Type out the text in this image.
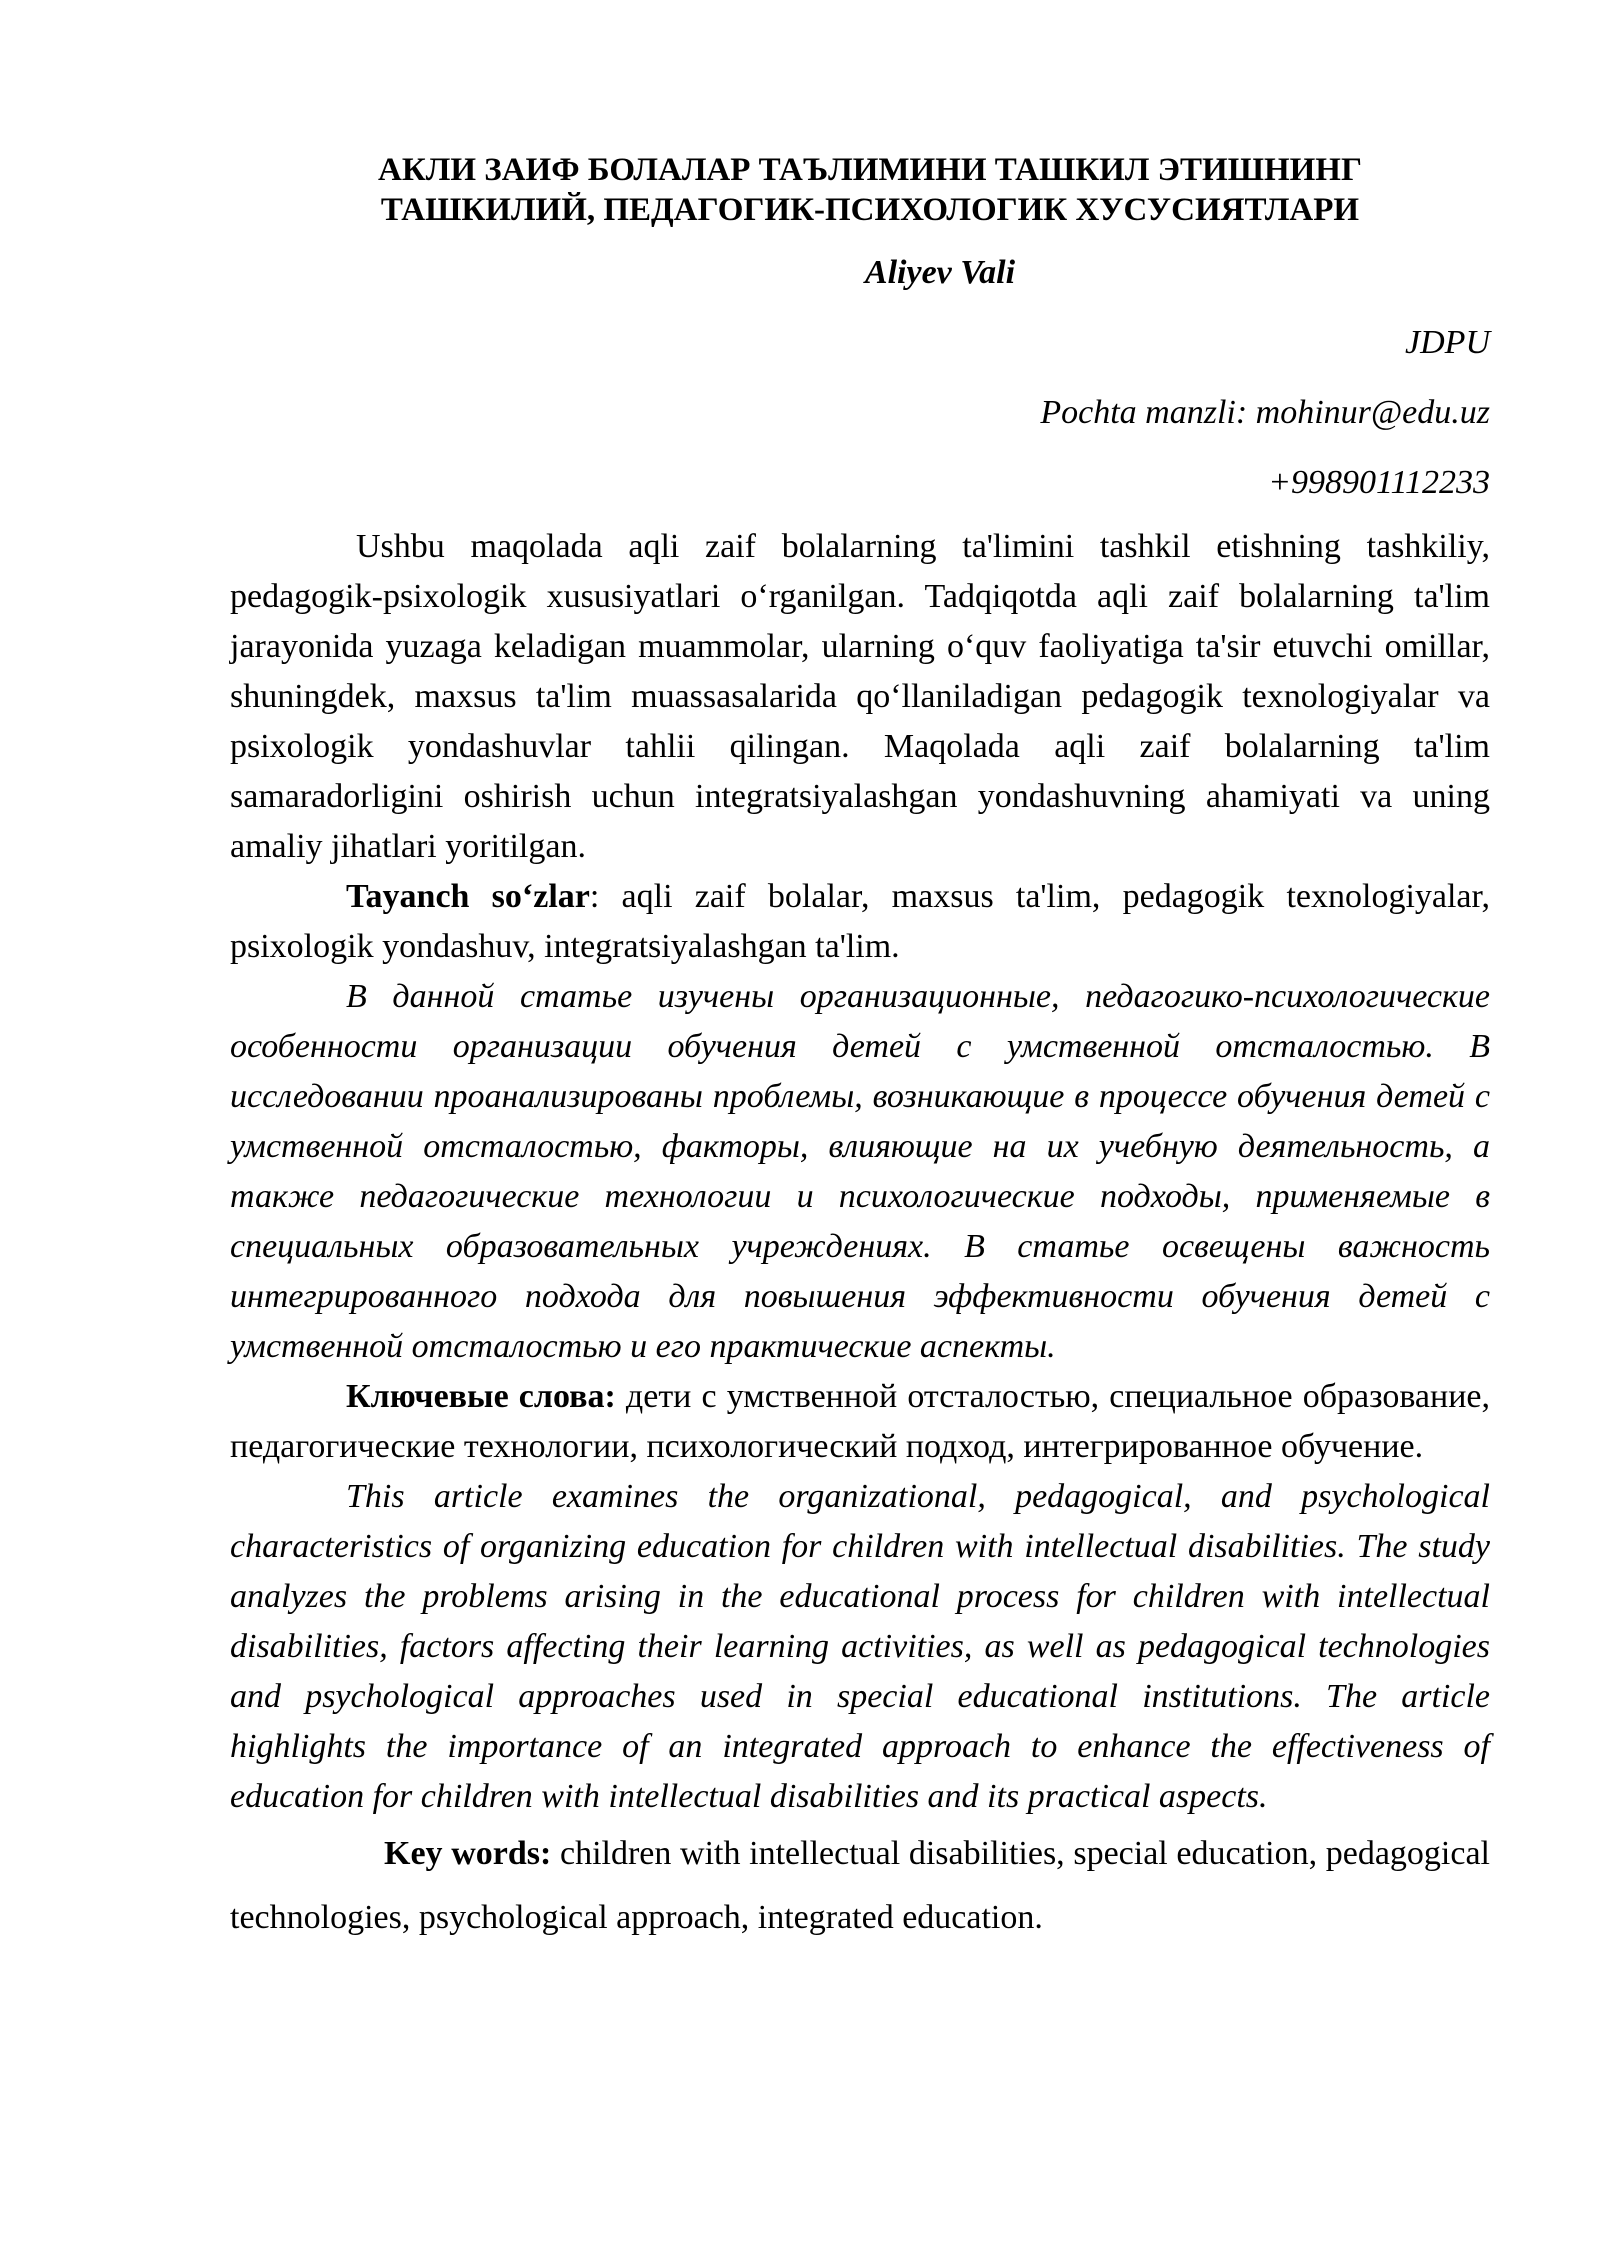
АКЛИ ЗАИФ БОЛАЛАР ТАЪЛИМИНИ ТАШКИЛ ЭТИШНИНГ
ТАШКИЛИЙ, ПЕДАГОГИК-ПСИХОЛОГИК ХУСУСИЯТЛАРИ
Aliyev Vali

JDPU

Pochta manzli: mohinur@edu.uz

+998901112233

Ushbu maqolada aqli zaif bolalarning ta'limini tashkil etishning tashkiliy, pedagogik-psixologik xususiyatlari o‘rganilgan. Tadqiqotda aqli zaif bolalarning ta'lim jarayonida yuzaga keladigan muammolar, ularning o‘quv faoliyatiga ta'sir etuvchi omillar, shuningdek, maxsus ta'lim muassasalarida qo‘llaniladigan pedagogik texnologiyalar va psixologik yondashuvlar tahlii qilingan. Maqolada aqli zaif bolalarning ta'lim samaradorligini oshirish uchun integratsiyalashgan yondashuvning ahamiyati va uning amaliy jihatlari yoritilgan.

Tayanch so‘zlar: aqli zaif bolalar, maxsus ta'lim, pedagogik texnologiyalar, psixologik yondashuv, integratsiyalashgan ta'lim.

В данной статье изучены организационные, педагогико-психологические особенности организации обучения детей с умственной отсталостью. В исследовании проанализированы проблемы, возникающие в процессе обучения детей с умственной отсталостью, факторы, влияющие на их учебную деятельность, а также педагогические технологии и психологические подходы, применяемые в специальных образовательных учреждениях. В статье освещены важность интегрированного подхода для повышения эффективности обучения детей с умственной отсталостью и его практические аспекты.

Ключевые слова: дети с умственной отсталостью, специальное образование, педагогические технологии, психологический подход, интегрированное обучение.

This article examines the organizational, pedagogical, and psychological characteristics of organizing education for children with intellectual disabilities. The study analyzes the problems arising in the educational process for children with intellectual disabilities, factors affecting their learning activities, as well as pedagogical technologies and psychological approaches used in special educational institutions. The article highlights the importance of an integrated approach to enhance the effectiveness of education for children with intellectual disabilities and its practical aspects.

Key words: children with intellectual disabilities, special education, pedagogical technologies, psychological approach, integrated education.
